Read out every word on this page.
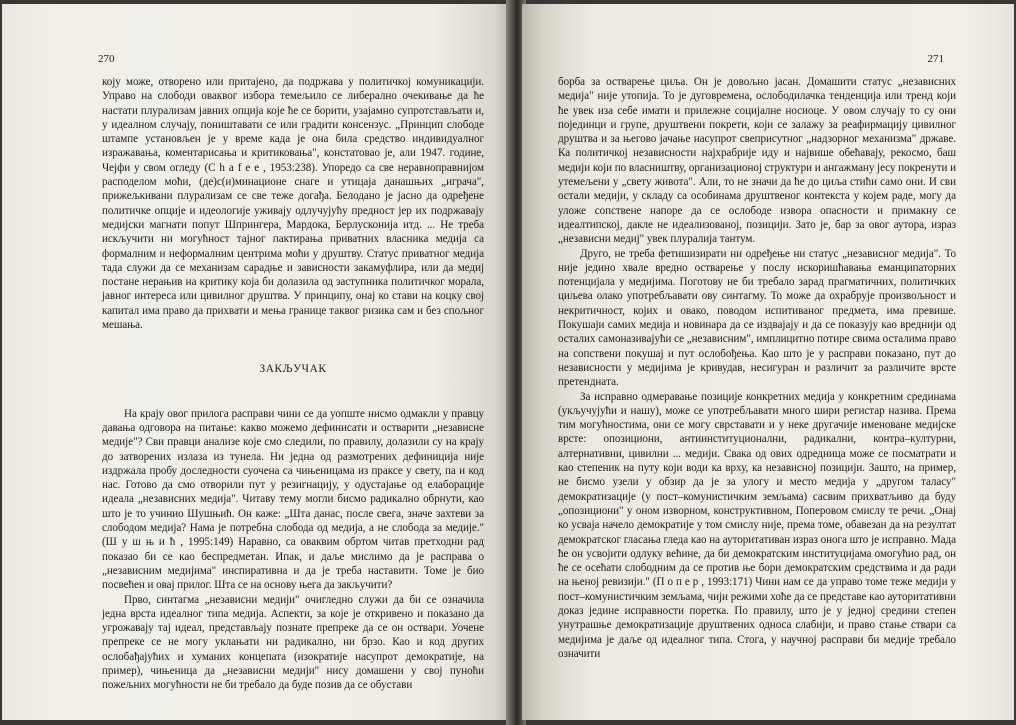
270

коју може, отворено или притајено, да подржава у политичкој комуникацији. Управо на слободи оваквог избора темељило се либерално очекивање да ће настати плурализам јавних опција које ће се борити, узајамно супротстављати и, у идеалном случају, поништавати се или градити консензус. „Принцип слободе штампе установљен је у време када је она била средство индивидуалног изражавања, коментарисања и критиковања", констатовао је, али 1947. године, Чејфи у свом огледу (C h a f e e , 1953:238). Упоредо са све неравноправнијом расподелом моћи, (де)с(и)минационе снаге и утицаја данашњих „играча", прижељкивани плурализам се све теже догађа. Белодано је јасно да одређене политичке опције и идеологије уживају одлучујућу предност јер их подржавају медијски магнати попут Шпрингера, Мардока, Берлусконија итд. ... Не треба искључити ни могућност тајног пактирања приватних власника медија са формалним и неформалним центрима моћи у друштву. Статус приватног медија тада служи да се механизам сарадње и зависности закамуфлира, или да медиј постане нерањив на критику која би долазила од заступника политичког морала, јавног интереса или цивилног друштва. У принципу, онај ко стави на коцку свој капитал има право да прихвати и мења границе таквог ризика сам и без спољног мешања.

ЗАКЉУЧАК

На крају овог прилога расправи чини се да уопште нисмо одмакли у правцу давања одговора на питање: какво можемо дефинисати и остварити „независне медије"? Сви правци анализе које смо следили, по правилу, долазили су на крају до затворених излаза из тунела. Ни једна од размотрених дефиниција није издржала пробу доследности суочена са чињеницама из праксе у свету, па и код нас. Готово да смо отворили пут у резигнацију, у одустајање од елаборације идеала „независних медија". Читаву тему могли бисмо радикално обрнути, као што је то учинио Шушњић. Он каже: „Шта данас, после свега, значе захтеви за слободом медија? Нама је потребна слобода од медија, а не слобода за медије." (Ш у ш њ и ћ , 1995:149) Наравно, са оваквим обртом читав претходни рад показао би се као беспредметан. Ипак, и даље мислимо да је расправа о „независним медијима" инспиративна и да је треба наставити. Томе је био посвећен и овај прилог. Шта се на основу њега да закључити?

Прво, синтагма „независни медији" очигледно служи да би се означила једна врста идеалног типа медија. Аспекти, за које је откривено и показано да угрожавају тај идеал, представљају познате препреке да се он оствари. Уочене препреке се не могу уклањати ни радикално, ни брзо. Као и код других ослобађајућих и хуманих концепата (изократије насупрот демократије, на пример), чињеница да „независни медији" нису домашени у свој пуноћи пожељних могућности не би требало да буде позив да се обустави

271

борба за остварење циља. Он је довољно јасан. Домашити статус „независних медија" није утопија. То је дуговремена, ослободилачка тенденција или тренд који ће увек иза себе имати и прилежне социјалне носиоце. У овом случају то су они појединци и групе, друштвени покрети, који се залажу за реафирмацију цивилног друштва и за његово јачање насупрот свеприсутног „надзорног механизма" државе. Ка политичкој независности најхрабрије иду и највише обећавају, рекосмо, баш медији који по власништву, организационој структури и ангажману јесу покренути и утемељени у „свету живота". Али, то не значи да ће до циља стићи само они. И сви остали медији, у складу са особинама друштвеног контекста у којем раде, могу да уложе сопствене напоре да се ослободе извора опасности и примакну се идеалтипској, дакле не идеализованој, позицији. Зато је, бар за овог аутора, израз „независни медиј" увек плуралија тантум.

Друго, не треба фетишизирати ни одређење ни статус „независног медија". То није једино хвале вредно остварење у послу искоришћавања еманципаторних потенцијала у медијима. Поготову не би требало заpад прагматичних, политичких циљева олако употребљавати ову синтагму. То може да охрабрује произвољност и некритичност, којих и овако, поводом испитиваног предмета, има превише. Покушаји самих медија и новинара да се издвајају и да се показују као вреднији од осталих самоназивајући се „независним", имплицитно потире свима осталима право на сопствени покушај и пут ослобођења. Као што је у расправи показано, пут до независности у медијима је кривудав, несигуран и различит за различите врсте претенднaта.

За исправно одмеравање позиције конкретних медија у конкретним срединама (укључујући и нашу), може се употребљавати много шири регистар назива. Према тим могућностима, они се могу сврставати и у неке другачије именоване медијске врсте: опозициони, антиинституционални, радикални, контра–културни, алтернативни, цивилни ... медији. Свака од ових одредница може се посматрати и као степеник на путу који води ка врху, ка независној позицији. Зашто, на пример, не бисмо узели у обзир да је за улогу и место медија у „другом таласу" демократизације (у пост–комунистичким земљама) сасвим прихватљиво да буду „опозициони" у оном изворном, конструктивном, Поперовом смислу те речи. „Онај ко усваја начело демократије у том смислу није, према томе, обавезан да на резултат демократског гласања гледа као на ауторитативан израз онога што је исправно. Мада ће он усвојити одлуку већине, да би демократским институцијама омогућио рад, он ће се осећати слободним да се против ње бори демократским средствима и да ради на њеној ревизији." (П о п е р , 1993:171) Чини нам се да управо томе теже медији у пост–комунистичким земљама, чији режими хоће да се представе као ауторитативни доказ једине исправности поретка. По правилу, што је у једној средини степен унутрашње демократизације друштвених односа слабији, и право стање ствари са медијима је даље од идеалног типа. Стога, у научној расправи би медије требало означити
